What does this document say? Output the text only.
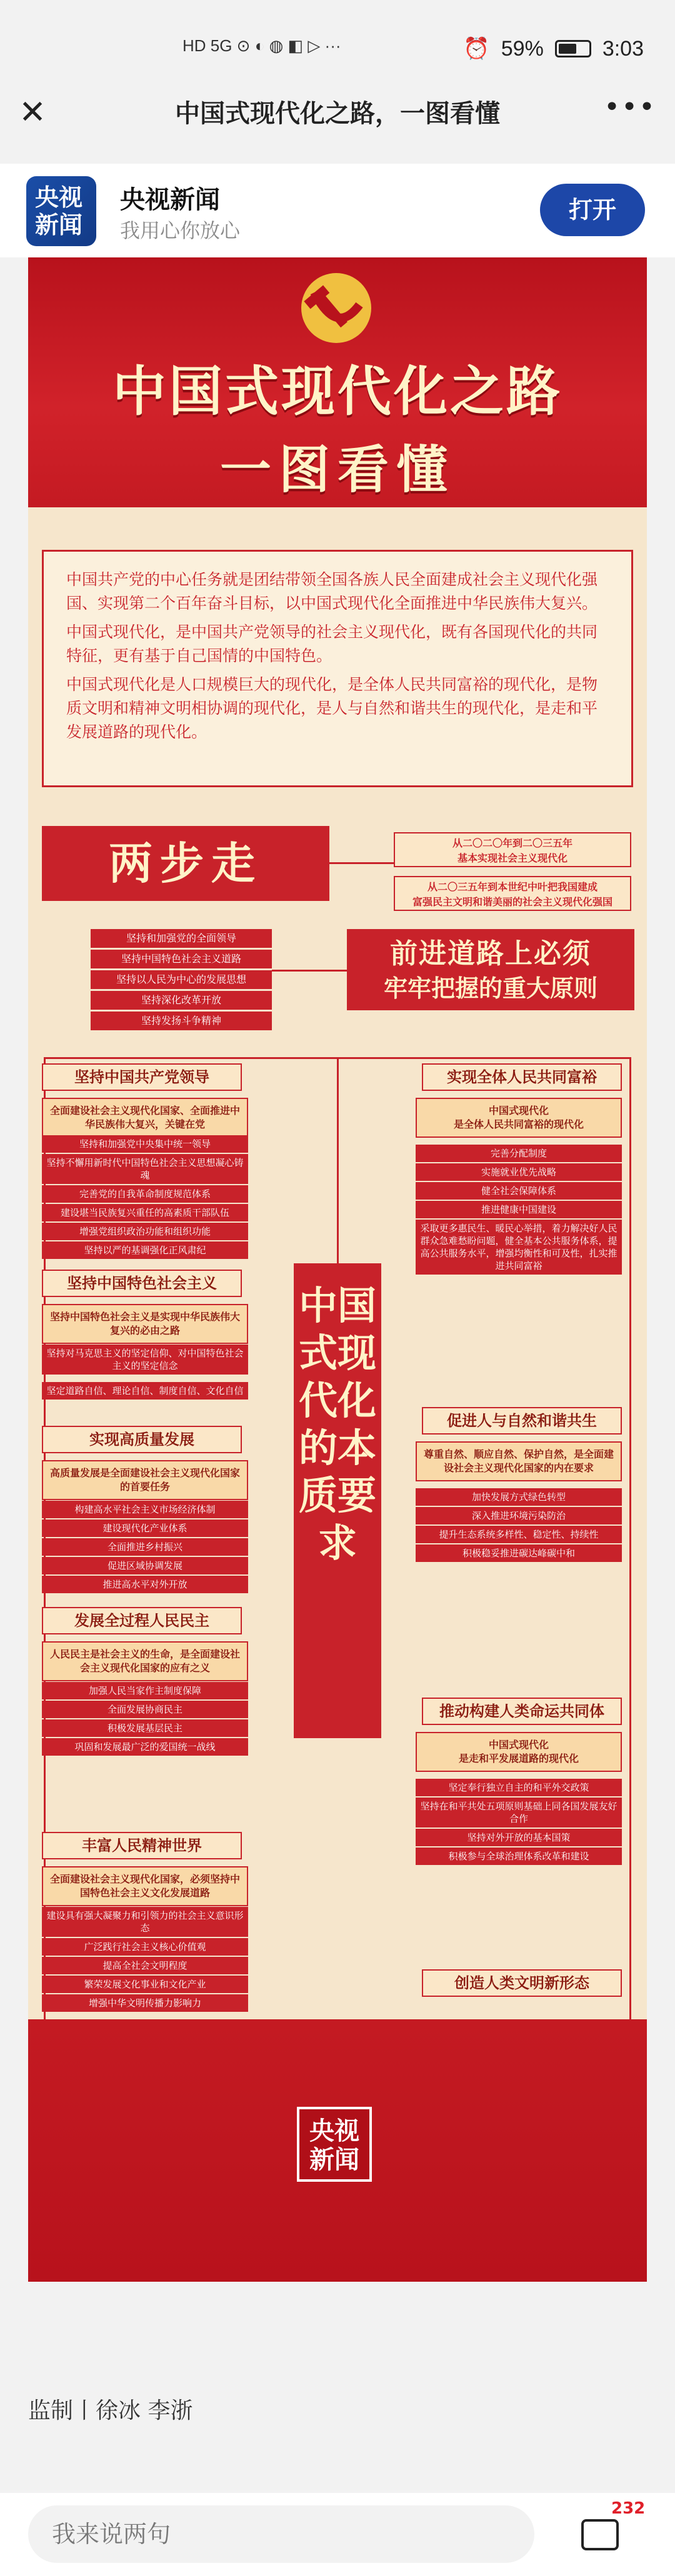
HD 5G ⊙ ◐ ◍ ◧ ▷ ···	⏰ 59%	3:03
✕	中国式现代化之路，一图看懂	•••
央视
新闻
央视新闻
我用心你放心
打开
中国式现代化之路
一图看懂

中国共产党的中心任务就是团结带领全国各族人民全面建成社会主义现代化强国、实现第二个百年奋斗目标，以中国式现代化全面推进中华民族伟大复兴。

中国式现代化，是中国共产党领导的社会主义现代化，既有各国现代化的共同特征，更有基于自己国情的中国特色。

中国式现代化是人口规模巨大的现代化，是全体人民共同富裕的现代化，是物质文明和精神文明相协调的现代化，是人与自然和谐共生的现代化，是走和平发展道路的现代化。

两步走	从二〇二〇年到二〇三五年
基本实现社会主义现代化
从二〇三五年到本世纪中叶把我国建成
富强民主文明和谐美丽的社会主义现代化强国
坚持和加强党的全面领导
坚持中国特色社会主义道路
坚持以人民为中心的发展思想
坚持深化改革开放
坚持发扬斗争精神
前进道路上必须
牢牢把握的重大原则
中国式现代化的本质要求
坚持中国共产党领导
全面建设社会主义现代化国家、全面推进中华民族伟大复兴，关键在党
坚持和加强党中央集中统一领导
坚持不懈用新时代中国特色社会主义思想凝心铸魂
完善党的自我革命制度规范体系
建设堪当民族复兴重任的高素质干部队伍
增强党组织政治功能和组织功能
坚持以严的基调强化正风肃纪
坚持中国特色社会主义
坚持中国特色社会主义是实现中华民族伟大复兴的必由之路
坚持对马克思主义的坚定信仰、对中国特色社会主义的坚定信念
坚定道路自信、理论自信、制度自信、文化自信
实现高质量发展
高质量发展是全面建设社会主义现代化国家的首要任务
构建高水平社会主义市场经济体制
建设现代化产业体系
全面推进乡村振兴
促进区域协调发展
推进高水平对外开放
发展全过程人民民主
人民民主是社会主义的生命，是全面建设社会主义现代化国家的应有之义
加强人民当家作主制度保障
全面发展协商民主
积极发展基层民主
巩固和发展最广泛的爱国统一战线
丰富人民精神世界
全面建设社会主义现代化国家，必须坚持中国特色社会主义文化发展道路
建设具有强大凝聚力和引领力的社会主义意识形态
广泛践行社会主义核心价值观
提高全社会文明程度
繁荣发展文化事业和文化产业
增强中华文明传播力影响力
实现全体人民共同富裕
中国式现代化
是全体人民共同富裕的现代化
完善分配制度
实施就业优先战略
健全社会保障体系
推进健康中国建设
采取更多惠民生、暖民心举措，着力解决好人民群众急难愁盼问题，健全基本公共服务体系，提高公共服务水平，增强均衡性和可及性，扎实推进共同富裕
促进人与自然和谐共生
尊重自然、顺应自然、保护自然，是全面建设社会主义现代化国家的内在要求
加快发展方式绿色转型
深入推进环境污染防治
提升生态系统多样性、稳定性、持续性
积极稳妥推进碳达峰碳中和
推动构建人类命运共同体
中国式现代化
是走和平发展道路的现代化
坚定奉行独立自主的和平外交政策
坚持在和平共处五项原则基础上同各国发展友好合作
坚持对外开放的基本国策
积极参与全球治理体系改革和建设
创造人类文明新形态
央视
新闻
监制丨徐冰 李浙
我来说两句
232
